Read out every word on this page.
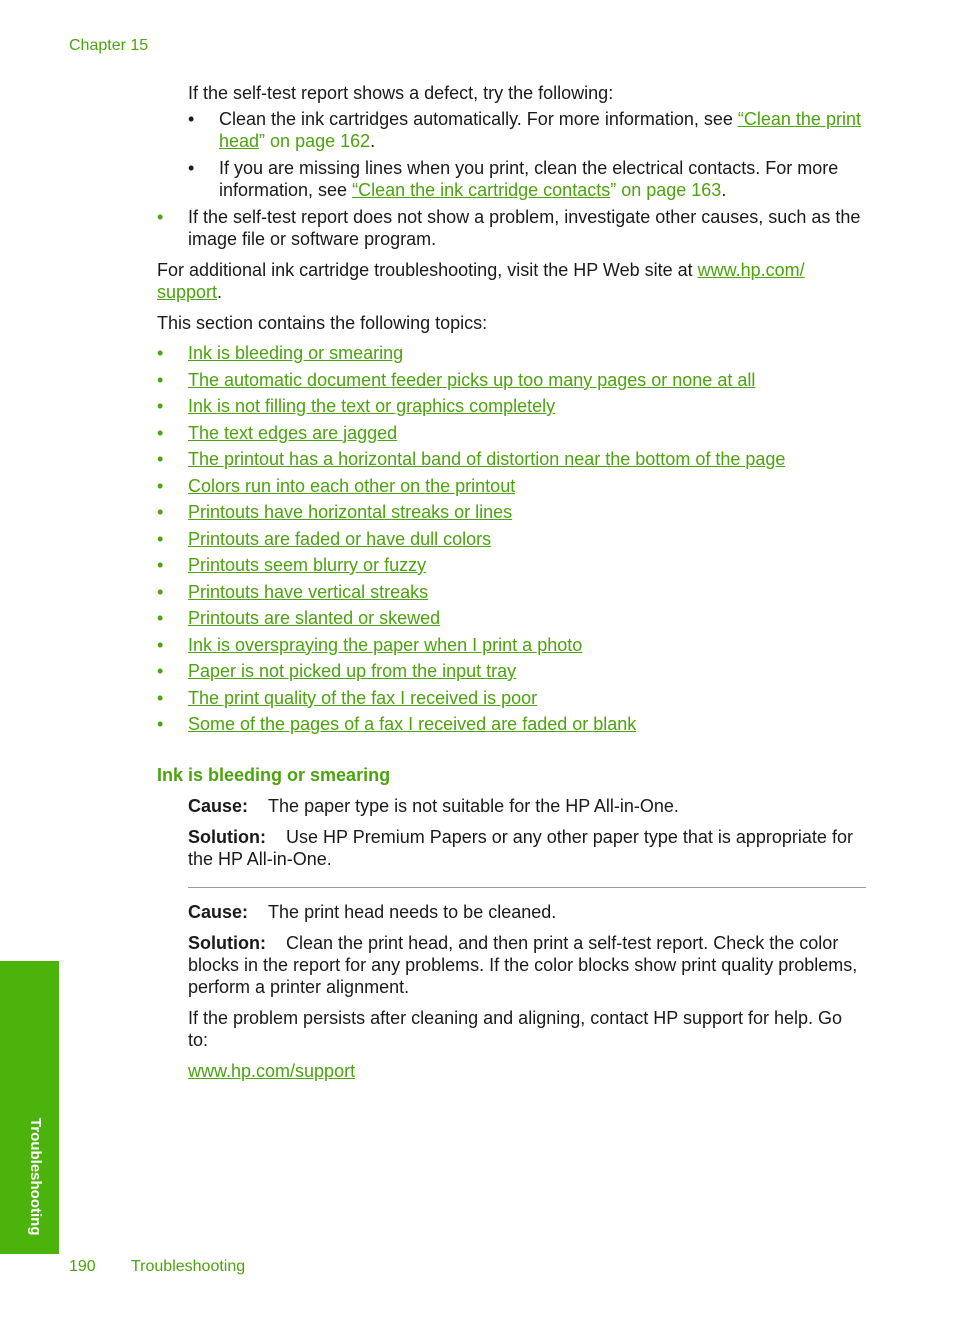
Chapter 15
If the self-test report shows a defect, try the following:
• Clean the ink cartridges automatically. For more information, see “Clean the print
head” on page 162.
• If you are missing lines when you print, clean the electrical contacts. For more
information, see “Clean the ink cartridge contacts” on page 163.
• If the self-test report does not show a problem, investigate other causes, such as the
image file or software program.
For additional ink cartridge troubleshooting, visit the HP Web site at www.hp.com/
support.
This section contains the following topics:
• Ink is bleeding or smearing
• The automatic document feeder picks up too many pages or none at all
• Ink is not filling the text or graphics completely
• The text edges are jagged
• The printout has a horizontal band of distortion near the bottom of the page
• Colors run into each other on the printout
• Printouts have horizontal streaks or lines
• Printouts are faded or have dull colors
• Printouts seem blurry or fuzzy
• Printouts have vertical streaks
• Printouts are slanted or skewed
• Ink is overspraying the paper when I print a photo
• Paper is not picked up from the input tray
• The print quality of the fax I received is poor
• Some of the pages of a fax I received are faded or blank
Ink is bleeding or smearing
Cause: The paper type is not suitable for the HP All-in-One.
Solution: Use HP Premium Papers or any other paper type that is appropriate for
the HP All-in-One.
Cause: The print head needs to be cleaned.
Solution: Clean the print head, and then print a self-test report. Check the color
blocks in the report for any problems. If the color blocks show print quality problems,
perform a printer alignment.
If the problem persists after cleaning and aligning, contact HP support for help. Go
to:
www.hp.com/support
Troubleshooting
190 Troubleshooting
